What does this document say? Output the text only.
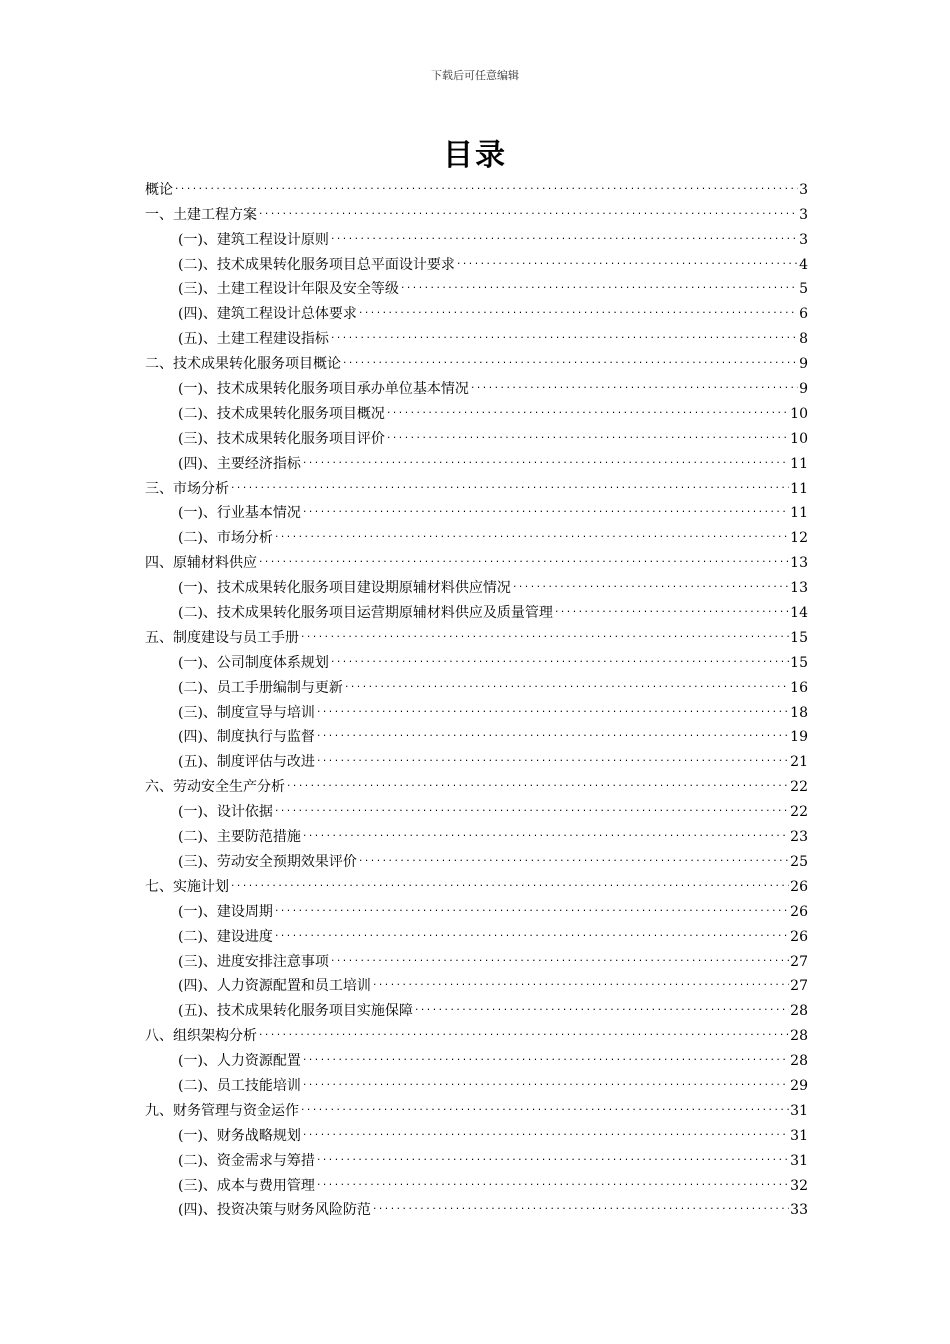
下载后可任意编辑
目录
概论 .....	3
一、土建工程方案 .....	3
(一)、建筑工程设计原则 .....	3
(二)、技术成果转化服务项目总平面设计要求 .....	4
(三)、土建工程设计年限及安全等级 .....	5
(四)、建筑工程设计总体要求 .....	6
(五)、土建工程建设指标 .....	8
二、技术成果转化服务项目概论 .....	9
(一)、技术成果转化服务项目承办单位基本情况 .....	9
(二)、技术成果转化服务项目概况 .....	10
(三)、技术成果转化服务项目评价 .....	10
(四)、主要经济指标 .....	11
三、市场分析 .....	11
(一)、行业基本情况 .....	11
(二)、市场分析 .....	12
四、原辅材料供应 .....	13
(一)、技术成果转化服务项目建设期原辅材料供应情况 .....	13
(二)、技术成果转化服务项目运营期原辅材料供应及质量管理 .....	14
五、制度建设与员工手册 .....	15
(一)、公司制度体系规划 .....	15
(二)、员工手册编制与更新 .....	16
(三)、制度宣导与培训 .....	18
(四)、制度执行与监督 .....	19
(五)、制度评估与改进 .....	21
六、劳动安全生产分析 .....	22
(一)、设计依据 .....	22
(二)、主要防范措施 .....	23
(三)、劳动安全预期效果评价 .....	25
七、实施计划 .....	26
(一)、建设周期 .....	26
(二)、建设进度 .....	26
(三)、进度安排注意事项 .....	27
(四)、人力资源配置和员工培训 .....	27
(五)、技术成果转化服务项目实施保障 .....	28
八、组织架构分析 .....	28
(一)、人力资源配置 .....	28
(二)、员工技能培训 .....	29
九、财务管理与资金运作 .....	31
(一)、财务战略规划 .....	31
(二)、资金需求与筹措 .....	31
(三)、成本与费用管理 .....	32
(四)、投资决策与财务风险防范 .....	33
